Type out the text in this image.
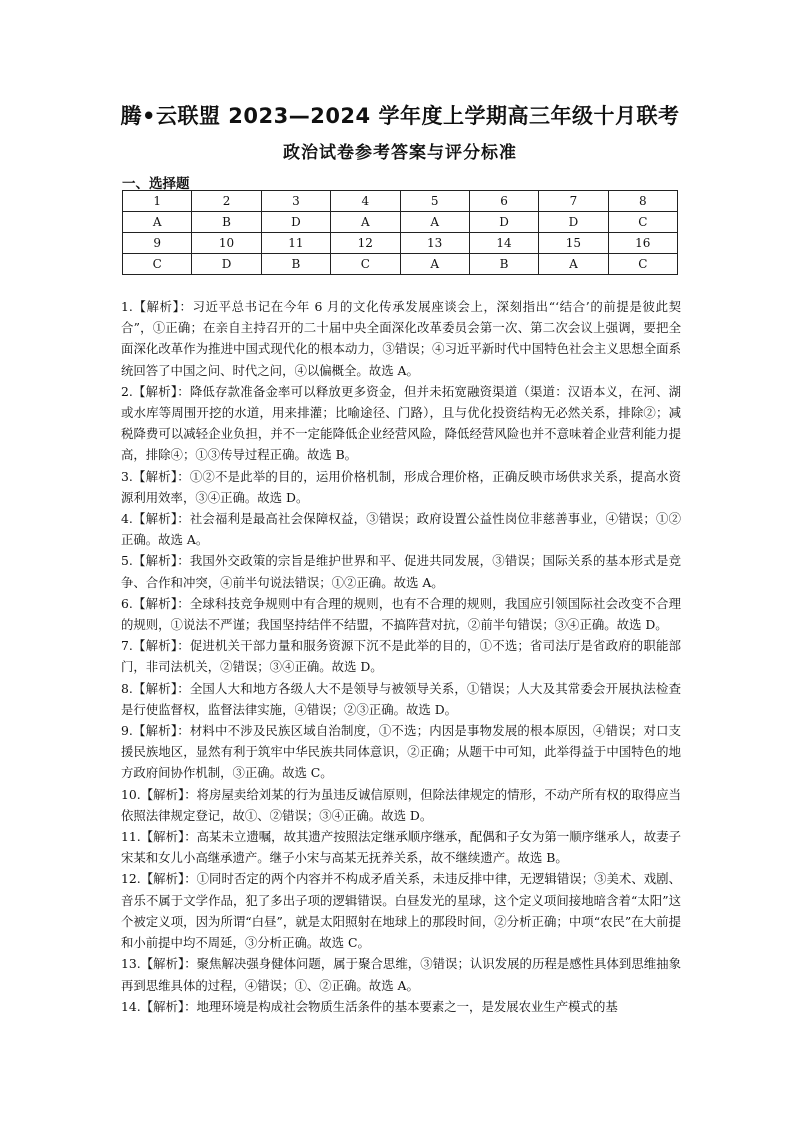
腾•云联盟 2023—2024 学年度上学期高三年级十月联考
政治试卷参考答案与评分标准
一、选择题
1	2	3	4	5	6	7	8
A	B	D	A	A	D	D	C
9	10	11	12	13	14	15	16
C	D	B	C	A	B	A	C

1.【解析】：习近平总书记在今年 6 月的文化传承发展座谈会上，深刻指出“‘结合’的前提是彼此契合”，①正确；在亲自主持召开的二十届中央全面深化改革委员会第一次、第二次会议上强调，要把全面深化改革作为推进中国式现代化的根本动力，③错误；④习近平新时代中国特色社会主义思想全面系统回答了中国之问、时代之问，④以偏概全。故选 A。

2.【解析】：降低存款准备金率可以释放更多资金，但并未拓宽融资渠道（渠道：汉语本义，在河、湖或水库等周围开挖的水道，用来排灌；比喻途径、门路），且与优化投资结构无必然关系，排除②；减税降费可以减轻企业负担，并不一定能降低企业经营风险，降低经营风险也并不意味着企业营利能力提高，排除④；①③传导过程正确。故选 B。

3.【解析】：①②不是此举的目的，运用价格机制，形成合理价格，正确反映市场供求关系，提高水资源利用效率，③④正确。故选 D。

4.【解析】：社会福利是最高社会保障权益，③错误；政府设置公益性岗位非慈善事业，④错误；①②正确。故选 A。

5.【解析】：我国外交政策的宗旨是维护世界和平、促进共同发展，③错误；国际关系的基本形式是竞争、合作和冲突，④前半句说法错误；①②正确。故选 A。

6.【解析】：全球科技竞争规则中有合理的规则，也有不合理的规则，我国应引领国际社会改变不合理的规则，①说法不严谨；我国坚持结伴不结盟，不搞阵营对抗，②前半句错误；③④正确。故选 D。

7.【解析】：促进机关干部力量和服务资源下沉不是此举的目的，①不选；省司法厅是省政府的职能部门，非司法机关，②错误；③④正确。故选 D。

8.【解析】：全国人大和地方各级人大不是领导与被领导关系，①错误；人大及其常委会开展执法检查是行使监督权，监督法律实施，④错误；②③正确。故选 D。

9.【解析】：材料中不涉及民族区域自治制度，①不选；内因是事物发展的根本原因，④错误；对口支援民族地区，显然有利于筑牢中华民族共同体意识，②正确；从题干中可知，此举得益于中国特色的地方政府间协作机制，③正确。故选 C。

10.【解析】：将房屋卖给刘某的行为虽违反诚信原则，但除法律规定的情形，不动产所有权的取得应当依照法律规定登记，故①、②错误；③④正确。故选 D。

11.【解析】：高某未立遗嘱，故其遗产按照法定继承顺序继承，配偶和子女为第一顺序继承人，故妻子宋某和女儿小高继承遗产。继子小宋与高某无抚养关系，故不继续遗产。故选 B。

12.【解析】：①同时否定的两个内容并不构成矛盾关系，未违反排中律，无逻辑错误；③美术、戏剧、音乐不属于文学作品，犯了多出子项的逻辑错误。白昼发光的星球，这个定义项间接地暗含着“太阳”这个被定义项，因为所谓“白昼”，就是太阳照射在地球上的那段时间，②分析正确；中项“农民”在大前提和小前提中均不周延，③分析正确。故选 C。

13.【解析】：聚焦解决强身健体问题，属于聚合思维，③错误；认识发展的历程是感性具体到思维抽象再到思维具体的过程，④错误；①、②正确。故选 A。

14.【解析】：地理环境是构成社会物质生活条件的基本要素之一，是发展农业生产模式的基
